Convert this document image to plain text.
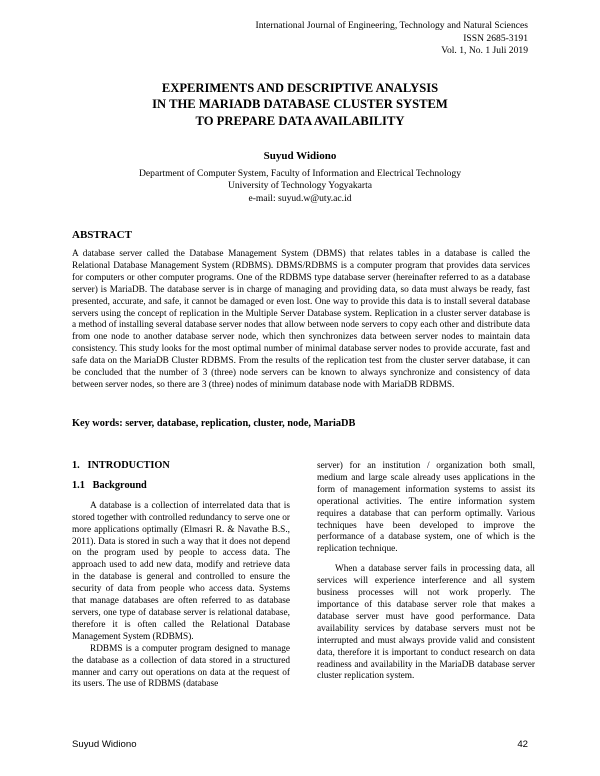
International Journal of Engineering, Technology and Natural Sciences
ISSN 2685-3191
Vol. 1, No. 1 Juli 2019
EXPERIMENTS AND DESCRIPTIVE ANALYSIS
IN THE MARIADB DATABASE CLUSTER SYSTEM
TO PREPARE DATA AVAILABILITY
Suyud Widiono
Department of Computer System, Faculty of Information and Electrical Technology
University of Technology Yogyakarta
e-mail: suyud.w@uty.ac.id
ABSTRACT
A database server called the Database Management System (DBMS) that relates tables in a database is called the Relational Database Management System (RDBMS). DBMS/RDBMS is a computer program that provides data services for computers or other computer programs. One of the RDBMS type database server (hereinafter referred to as a database server) is MariaDB. The database server is in charge of managing and providing data, so data must always be ready, fast presented, accurate, and safe, it cannot be damaged or even lost. One way to provide this data is to install several database servers using the concept of replication in the Multiple Server Database system. Replication in a cluster server database is a method of installing several database server nodes that allow between node servers to copy each other and distribute data from one node to another database server node, which then synchronizes data between server nodes to maintain data consistency. This study looks for the most optimal number of minimal database server nodes to provide accurate, fast and safe data on the MariaDB Cluster RDBMS. From the results of the replication test from the cluster server database, it can be concluded that the number of 3 (three) node servers can be known to always synchronize and consistency of data between server nodes, so there are 3 (three) nodes of minimum database node with MariaDB RDBMS.
Key words: server, database, replication, cluster, node, MariaDB
1.   INTRODUCTION
1.1   Background

A database is a collection of interrelated data that is stored together with controlled redundancy to serve one or more applications optimally (Elmasri R. & Navathe B.S., 2011). Data is stored in such a way that it does not depend on the program used by people to access data. The approach used to add new data, modify and retrieve data in the database is general and controlled to ensure the security of data from people who access data. Systems that manage databases are often referred to as database servers, one type of database server is relational database, therefore it is often called the Relational Database Management System (RDBMS).

RDBMS is a computer program designed to manage the database as a collection of data stored in a structured manner and carry out operations on data at the request of its users. The use of RDBMS (database

server) for an institution / organization both small, medium and large scale already uses applications in the form of management information systems to assist its operational activities. The entire information system requires a database that can perform optimally. Various techniques have been developed to improve the performance of a database system, one of which is the replication technique.

When a database server fails in processing data, all services will experience interference and all system business processes will not work properly. The importance of this database server role that makes a database server must have good performance. Data availability services by database servers must not be interrupted and must always provide valid and consistent data, therefore it is important to conduct research on data readiness and availability in the MariaDB database server cluster replication system.

Suyud Widiono	42
